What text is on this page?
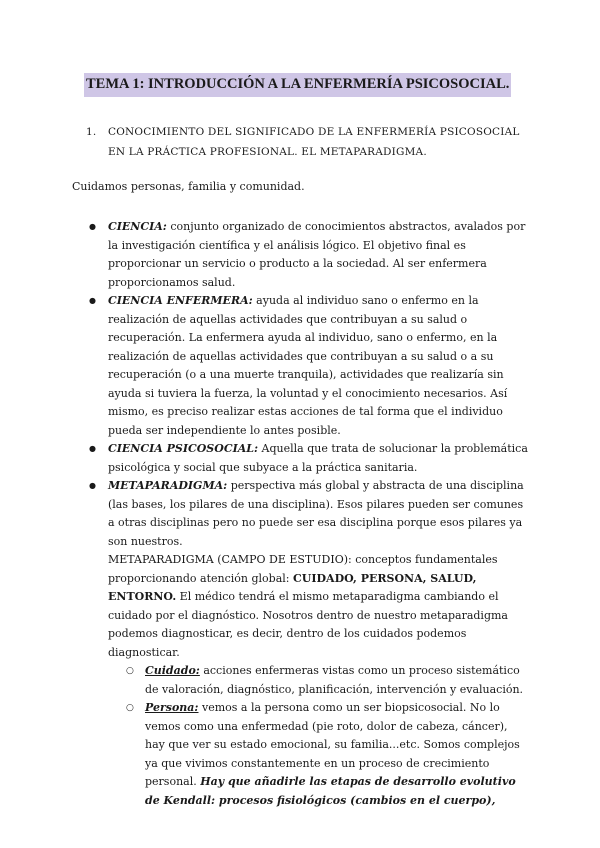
TEMA 1: INTRODUCCIÓN A LA ENFERMERÍA PSICOSOCIAL.
1. CONOCIMIENTO DEL SIGNIFICADO DE LA ENFERMERÍA PSICOSOCIAL EN LA PRÁCTICA PROFESIONAL. EL METAPARADIGMA.
Cuidamos personas, familia y comunidad.
● CIENCIA: conjunto organizado de conocimientos abstractos, avalados por la investigación científica y el análisis lógico. El objetivo final es proporcionar un servicio o producto a la sociedad. Al ser enfermera proporcionamos salud.
● CIENCIA ENFERMERA: ayuda al individuo sano o enfermo en la realización de aquellas actividades que contribuyan a su salud o recuperación. La enfermera ayuda al individuo, sano o enfermo, en la realización de aquellas actividades que contribuyan a su salud o a su recuperación (o a una muerte tranquila), actividades que realizaría sin ayuda si tuviera la fuerza, la voluntad y el conocimiento necesarios. Así mismo, es preciso realizar estas acciones de tal forma que el individuo pueda ser independiente lo antes posible.
● CIENCIA PSICOSOCIAL: Aquella que trata de solucionar la problemática psicológica y social que subyace a la práctica sanitaria.
● METAPARADIGMA: perspectiva más global y abstracta de una disciplina (las bases, los pilares de una disciplina). Esos pilares pueden ser comunes a otras disciplinas pero no puede ser esa disciplina porque esos pilares ya son nuestros.
METAPARADIGMA (CAMPO DE ESTUDIO): conceptos fundamentales proporcionando atención global: CUIDADO, PERSONA, SALUD, ENTORNO. El médico tendrá el mismo metaparadigma cambiando el cuidado por el diagnóstico. Nosotros dentro de nuestro metaparadigma podemos diagnosticar, es decir, dentro de los cuidados podemos diagnosticar.
○ Cuidado: acciones enfermeras vistas como un proceso sistemático de valoración, diagnóstico, planificación, intervención y evaluación.
○ Persona: vemos a la persona como un ser biopsicosocial. No lo vemos como una enfermedad (pie roto, dolor de cabeza, cáncer), hay que ver su estado emocional, su familia...etc. Somos complejos ya que vivimos constantemente en un proceso de crecimiento personal. Hay que añadirle las etapas de desarrollo evolutivo de Kendall: procesos fisiológicos (cambios en el cuerpo),
